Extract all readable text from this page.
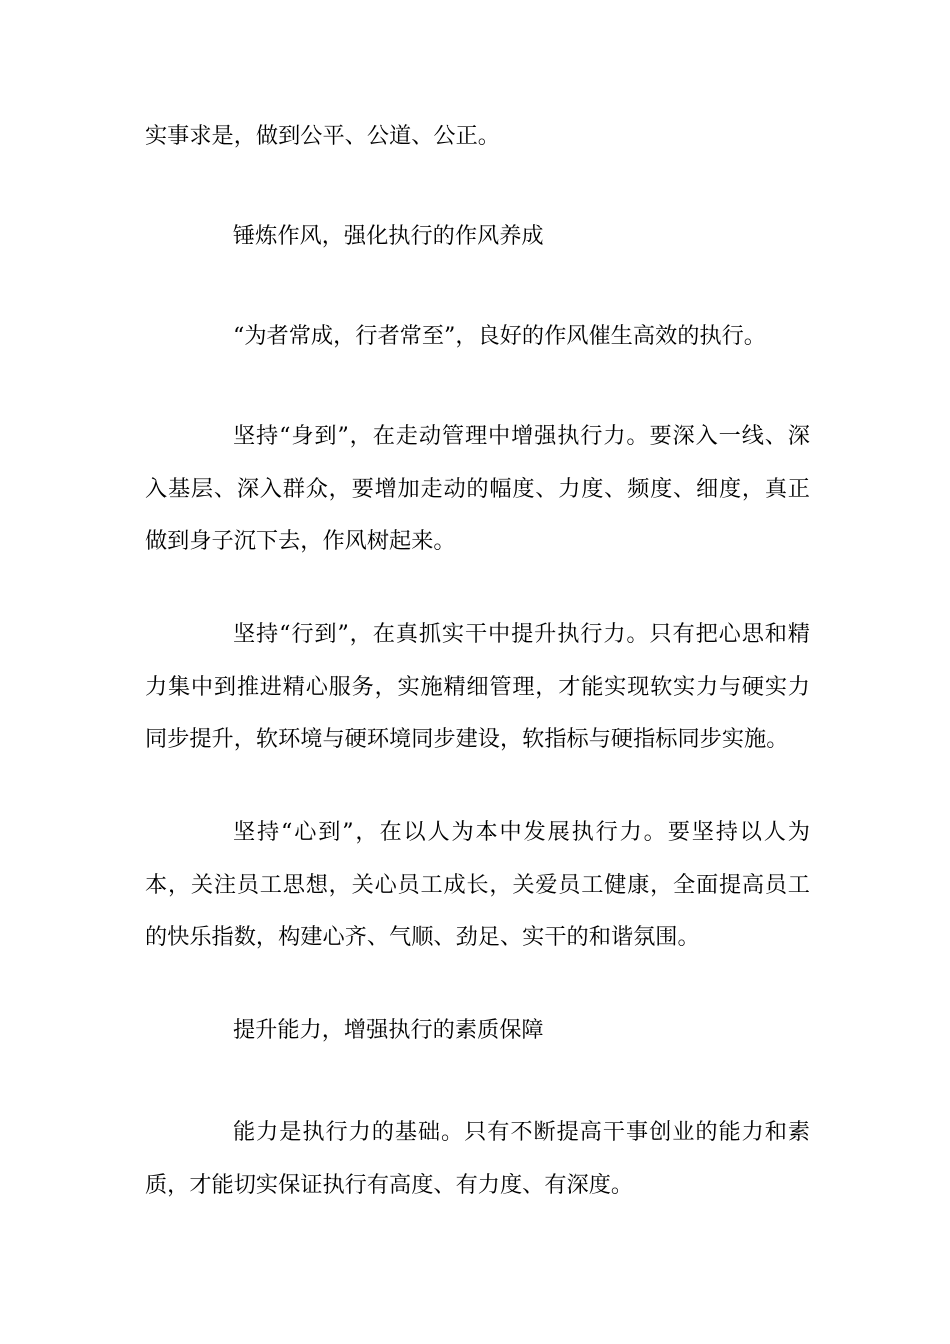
实事求是，做到公平、公道、公正。

锤炼作风，强化执行的作风养成

“为者常成，行者常至”，良好的作风催生高效的执行。

坚持“身到”，在走动管理中增强执行力。要深入一线、深入基层、深入群众，要增加走动的幅度、力度、频度、细度，真正做到身子沉下去，作风树起来。

坚持“行到”，在真抓实干中提升执行力。只有把心思和精力集中到推进精心服务，实施精细管理，才能实现软实力与硬实力同步提升，软环境与硬环境同步建设，软指标与硬指标同步实施。

坚持“心到”，在以人为本中发展执行力。要坚持以人为本，关注员工思想，关心员工成长，关爱员工健康，全面提高员工的快乐指数，构建心齐、气顺、劲足、实干的和谐氛围。

提升能力，增强执行的素质保障

能力是执行力的基础。只有不断提高干事创业的能力和素质，才能切实保证执行有高度、有力度、有深度。
